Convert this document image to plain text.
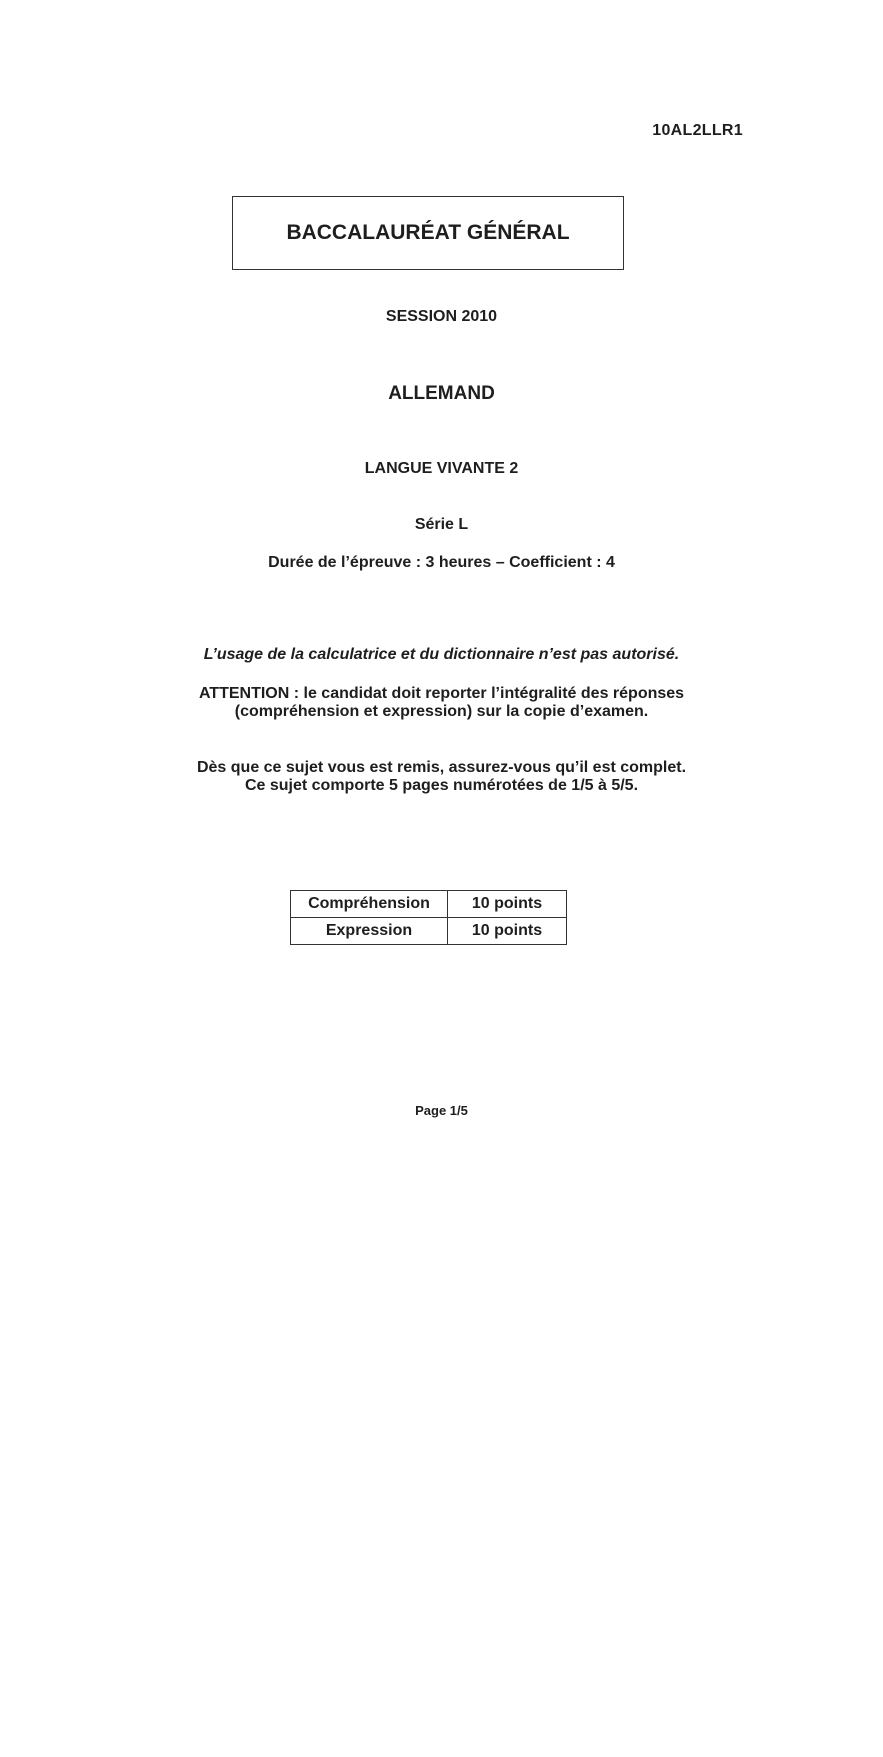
10AL2LLR1
BACCALAURÉAT GÉNÉRAL
SESSION 2010
ALLEMAND
LANGUE VIVANTE 2
Série L
Durée de l’épreuve : 3 heures – Coefficient : 4
L’usage de la calculatrice et du dictionnaire n’est pas autorisé.
ATTENTION : le candidat doit reporter l’intégralité des réponses
(compréhension et expression) sur la copie d’examen.
Dès que ce sujet vous est remis, assurez-vous qu’il est complet.
Ce sujet comporte 5 pages numérotées de 1/5 à 5/5.
Compréhension	10 points
Expression	10 points
Page 1/5
